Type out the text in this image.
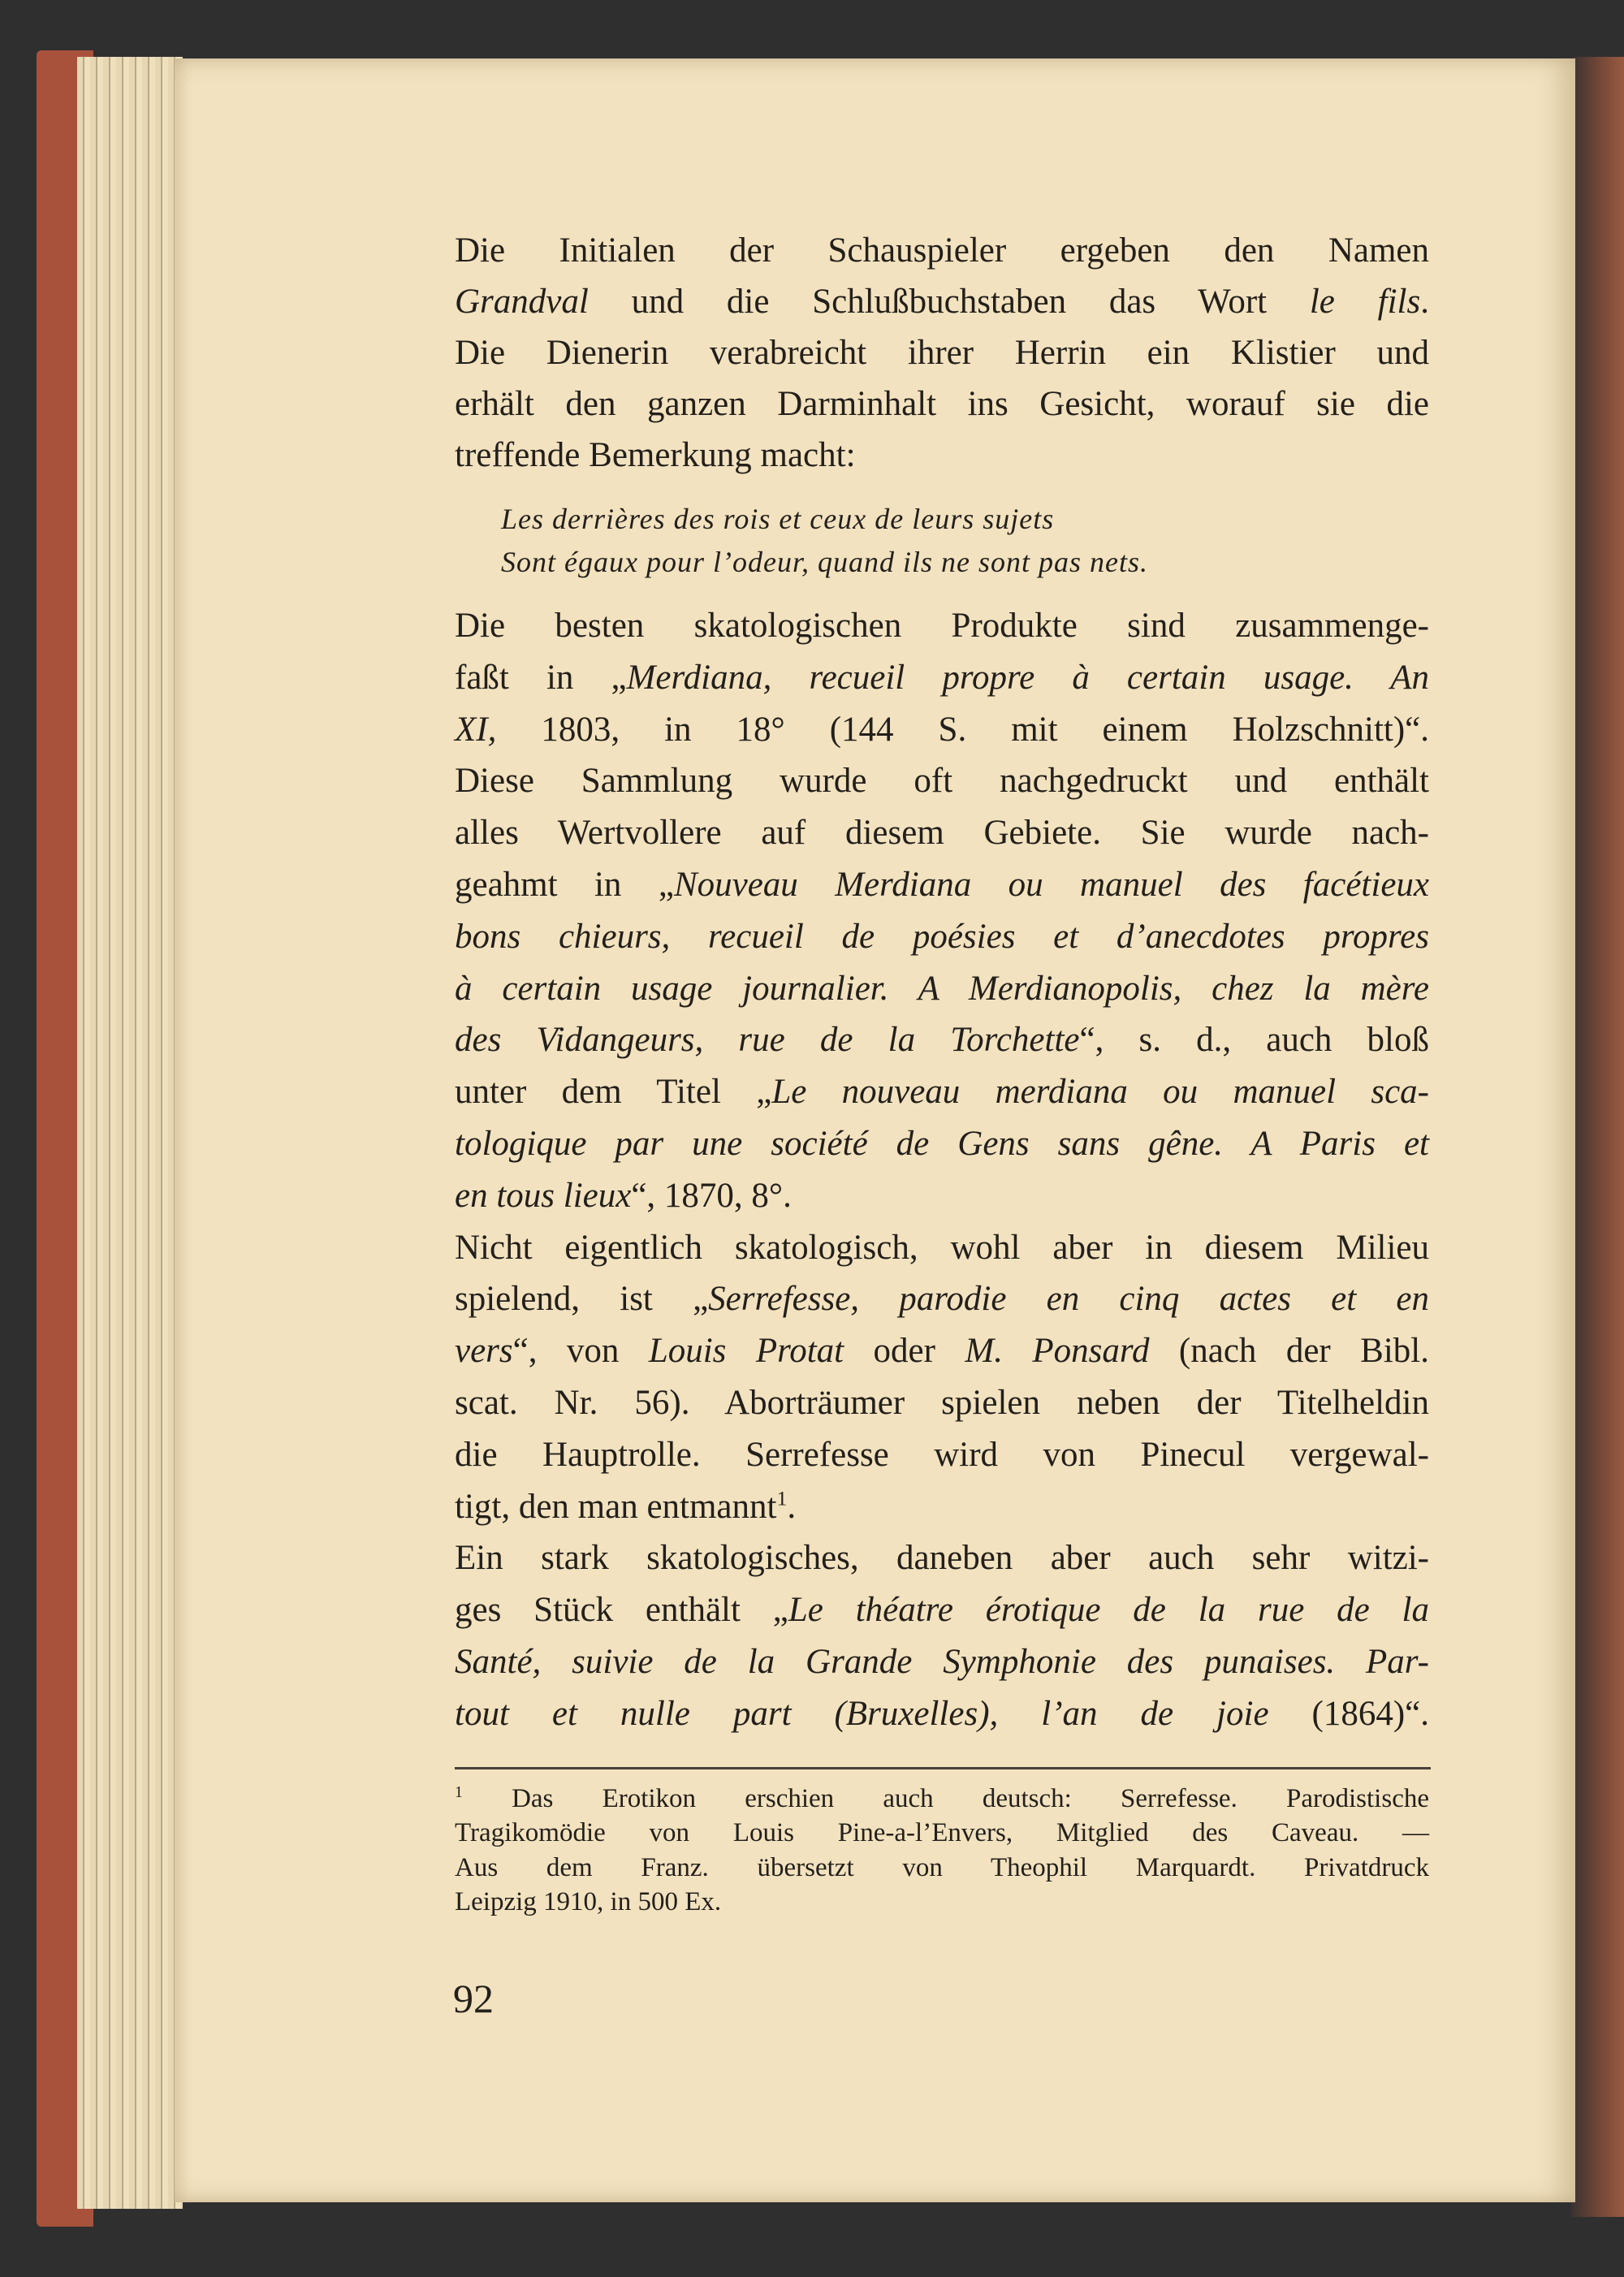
Die Initialen der Schauspieler ergeben den Namen
Grandval und die Schlußbuchstaben das Wort le fils.
Die Dienerin verabreicht ihrer Herrin ein Klistier und
erhält den ganzen Darminhalt ins Gesicht, worauf sie die
treffende Bemerkung macht:
Les derrières des rois et ceux de leurs sujets
Sont égaux pour l’odeur, quand ils ne sont pas nets.
Die besten skatologischen Produkte sind zusammenge-
faßt in „Merdiana, recueil propre à certain usage. An
XI, 1803, in 18° (144 S. mit einem Holzschnitt)“.
Diese Sammlung wurde oft nachgedruckt und enthält
alles Wertvollere auf diesem Gebiete. Sie wurde nach-
geahmt in „Nouveau Merdiana ou manuel des facétieux
bons chieurs, recueil de poésies et d’anecdotes propres
à certain usage journalier. A Merdianopolis, chez la mère
des Vidangeurs, rue de la Torchette“, s. d., auch bloß
unter dem Titel „Le nouveau merdiana ou manuel sca-
tologique par une société de Gens sans gêne. A Paris et
en tous lieux“, 1870, 8°.
Nicht eigentlich skatologisch, wohl aber in diesem Milieu
spielend, ist „Serrefesse, parodie en cinq actes et en
vers“, von Louis Protat oder M. Ponsard (nach der Bibl.
scat. Nr. 56). Aborträumer spielen neben der Titelheldin
die Hauptrolle. Serrefesse wird von Pinecul vergewal-
tigt, den man entmannt$^1$.
Ein stark skatologisches, daneben aber auch sehr witzi-
ges Stück enthält „Le théatre érotique de la rue de la
Santé, suivie de la Grande Symphonie des punaises. Par-
tout et nulle part (Bruxelles), l’an de joie (1864)“.
$^1$ Das Erotikon erschien auch deutsch: Serrefesse. Parodistische
Tragikomödie von Louis Pine-a-l’Envers, Mitglied des Caveau. —
Aus dem Franz. übersetzt von Theophil Marquardt. Privatdruck
Leipzig 1910, in 500 Ex.
92
